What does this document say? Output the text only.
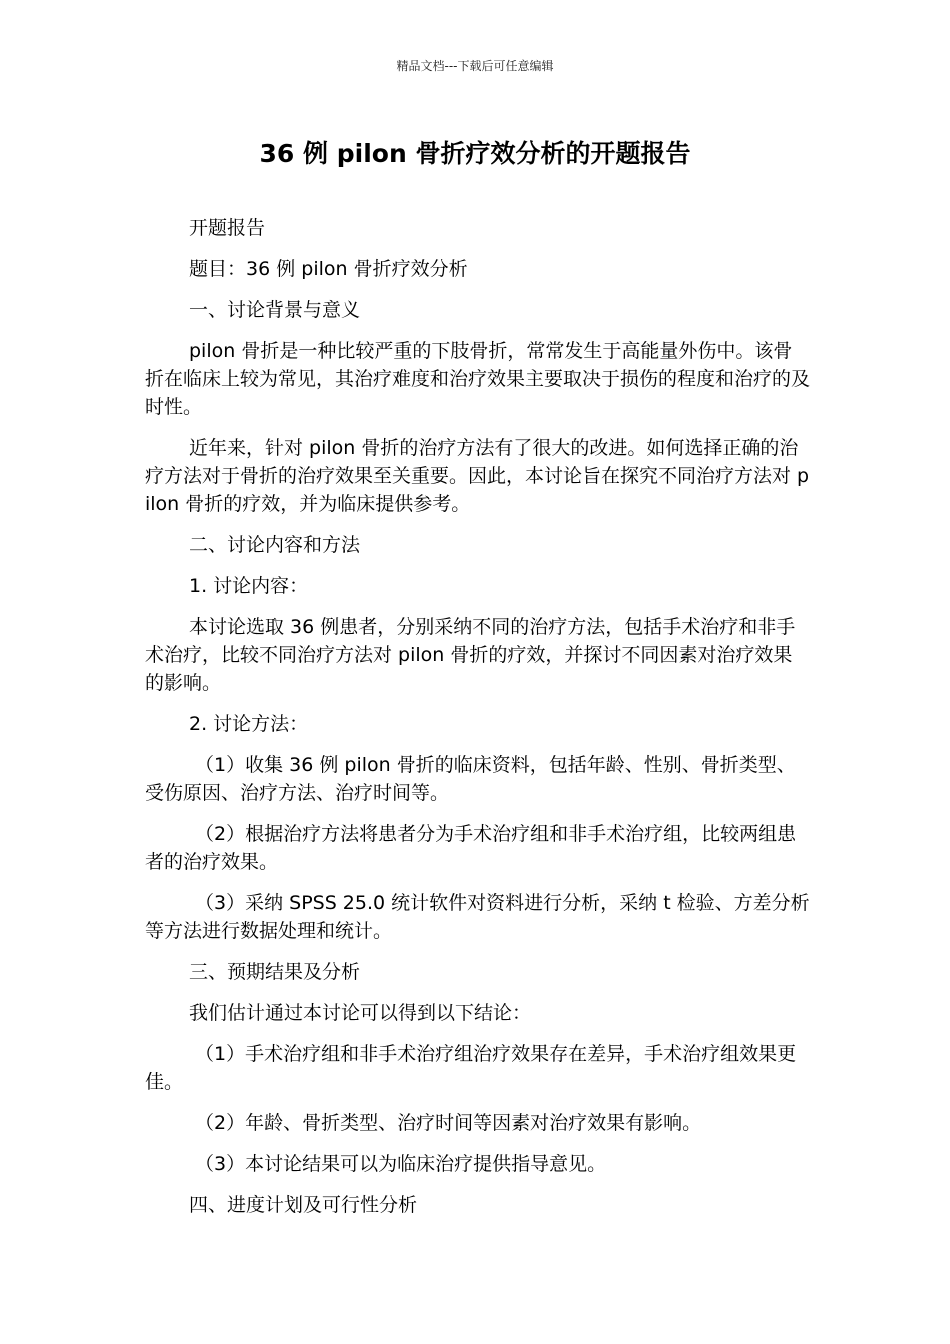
精品文档---下载后可任意编辑
36 例 pilon 骨折疗效分析的开题报告

开题报告

题目：36 例 pilon 骨折疗效分析

一、讨论背景与意义

pilon 骨折是一种比较严重的下肢骨折，常常发生于高能量外伤中。该骨折在临床上较为常见，其治疗难度和治疗效果主要取决于损伤的程度和治疗的及时性。

近年来，针对 pilon 骨折的治疗方法有了很大的改进。如何选择正确的治疗方法对于骨折的治疗效果至关重要。因此，本讨论旨在探究不同治疗方法对 pilon 骨折的疗效，并为临床提供参考。

二、讨论内容和方法

1. 讨论内容：

本讨论选取 36 例患者，分别采纳不同的治疗方法，包括手术治疗和非手术治疗，比较不同治疗方法对 pilon 骨折的疗效，并探讨不同因素对治疗效果的影响。

2. 讨论方法：

（1）收集 36 例 pilon 骨折的临床资料，包括年龄、性别、骨折类型、受伤原因、治疗方法、治疗时间等。

（2）根据治疗方法将患者分为手术治疗组和非手术治疗组，比较两组患者的治疗效果。

（3）采纳 SPSS 25.0 统计软件对资料进行分析，采纳 t 检验、方差分析等方法进行数据处理和统计。

三、预期结果及分析

我们估计通过本讨论可以得到以下结论：

（1）手术治疗组和非手术治疗组治疗效果存在差异，手术治疗组效果更佳。

（2）年龄、骨折类型、治疗时间等因素对治疗效果有影响。

（3）本讨论结果可以为临床治疗提供指导意见。

四、进度计划及可行性分析
